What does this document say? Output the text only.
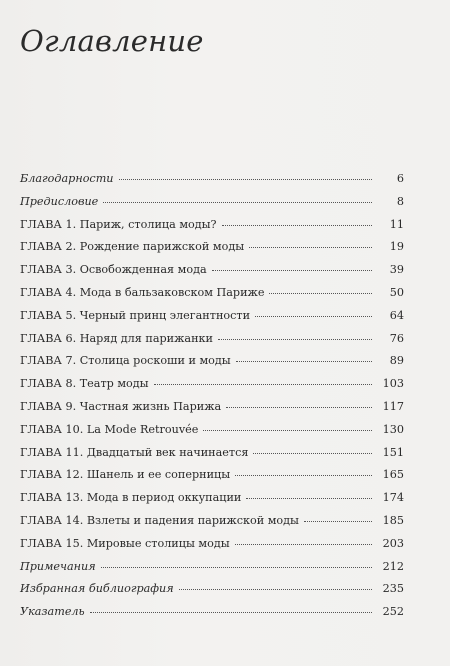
Оглавление
Благодарности	6
Предисловие	8
ГЛАВА 1. Париж, столица моды?	11
ГЛАВА 2. Рождение парижской моды	19
ГЛАВА 3. Освобожденная мода	39
ГЛАВА 4. Мода в бальзаковском Париже	50
ГЛАВА 5. Черный принц элегантности	64
ГЛАВА 6. Наряд для парижанки	76
ГЛАВА 7. Столица роскоши и моды	89
ГЛАВА 8. Театр моды	103
ГЛАВА 9. Частная жизнь Парижа	117
ГЛАВА 10. La Mode Retrouvée	130
ГЛАВА 11. Двадцатый век начинается	151
ГЛАВА 12. Шанель и ее соперницы	165
ГЛАВА 13. Мода в период оккупации	174
ГЛАВА 14. Взлеты и падения парижской моды	185
ГЛАВА 15. Мировые столицы моды	203
Примечания	212
Избранная библиография	235
Указатель	252
